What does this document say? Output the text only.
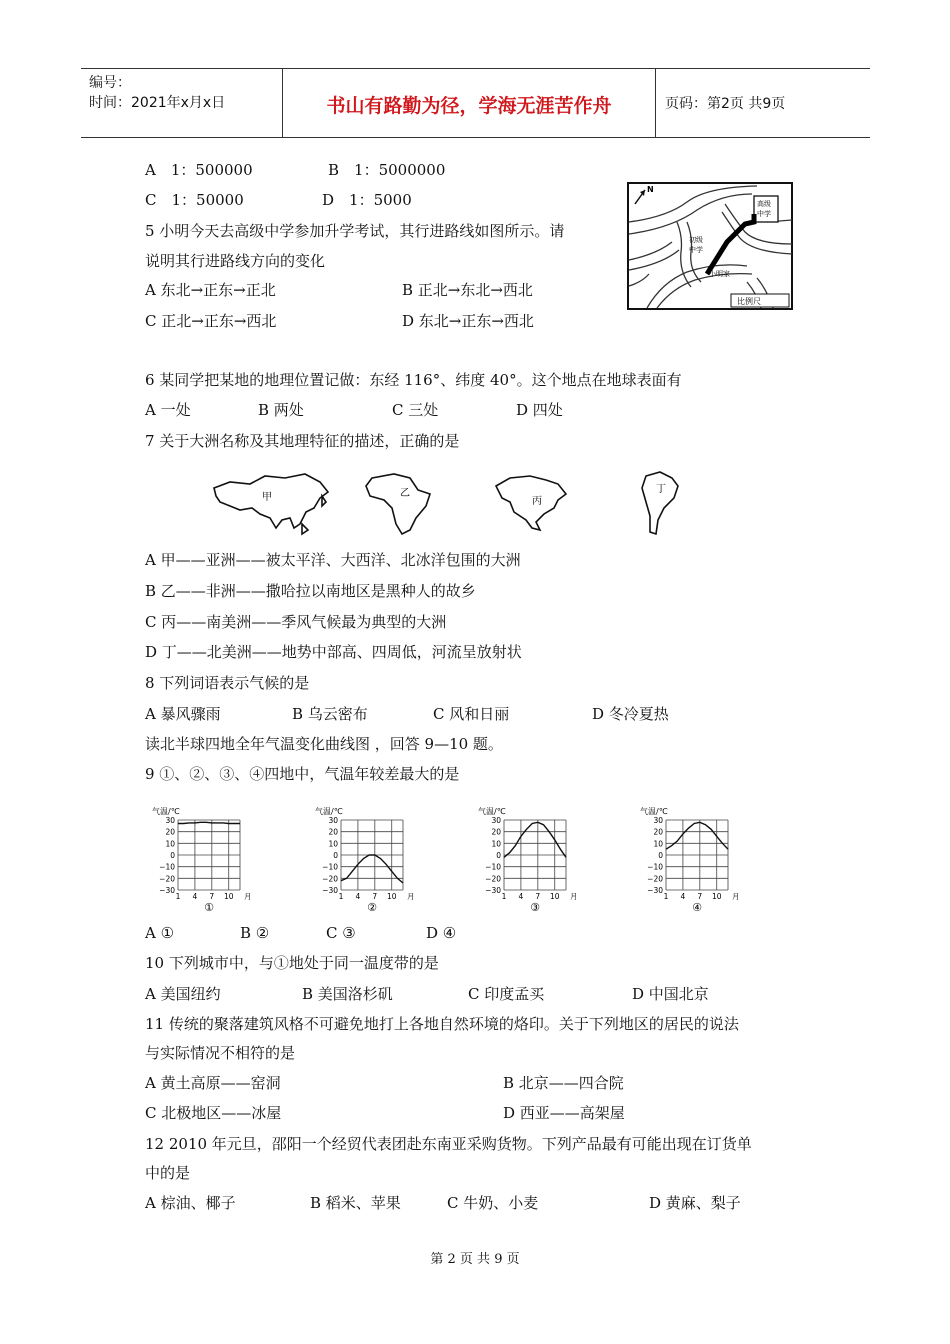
编号：
时间：2021年x月x日	书山有路勤为径，学海无涯苦作舟	页码：第2页 共9页
A　1：500000	B　1：5000000
C　1：50000	D　1：5000
5 小明今天去高级中学参加升学考试，其行进路线如图所示。请
说明其行进路线方向的变化
A 东北→正东→正北	B 正北→东北→西北
C 正北→正东→西北	D 东北→正东→西北
高级
中学
初级
中学
小明家
N
比例尺
6 某同学把某地的地理位置记做：东经 116°、纬度 40°。这个地点在地球表面有
A 一处	B 两处	C 三处	D 四处
7 关于大洲名称及其地理特征的描述，正确的是
甲	乙
丙
丁
A 甲——亚洲——被太平洋、大西洋、北冰洋包围的大洲
B 乙——非洲——撒哈拉以南地区是黑种人的故乡
C 丙——南美洲——季风气候最为典型的大洲
D 丁——北美洲——地势中部高、四周低，河流呈放射状
8 下列词语表示气候的是
A 暴风骤雨	B 乌云密布	C 风和日丽	D 冬冷夏热
读北半球四地全年气温变化曲线图 ，回答 9—10 题。
9 ①、②、③、④四地中，气温年较差最大的是
气温/℃
30
20
10
0
−10
−20
−30
1 4 7 10 月
①
气温/℃
30
20
10
0
−10
−20
−30
1 4 7 10 月
②
气温/℃
30
20
10
0
−10
−20
−30
1 4 7 10 月
③
气温/℃
30
20
10
0
−10
−20
−30
1 4 7 10 月
④
A ①	B ②	C ③	D ④
10 下列城市中，与①地处于同一温度带的是
A 美国纽约	B 美国洛杉矶	C 印度孟买	D 中国北京
11 传统的聚落建筑风格不可避免地打上各地自然环境的烙印。关于下列地区的居民的说法
与实际情况不相符的是
A 黄土高原——窑洞	B 北京——四合院
C 北极地区——冰屋	D 西亚——高架屋
12 2010 年元旦，邵阳一个经贸代表团赴东南亚采购货物。下列产品最有可能出现在订货单
中的是
A 棕油、椰子	B 稻米、苹果	C 牛奶、小麦	D 黄麻、梨子
第 2 页 共 9 页
